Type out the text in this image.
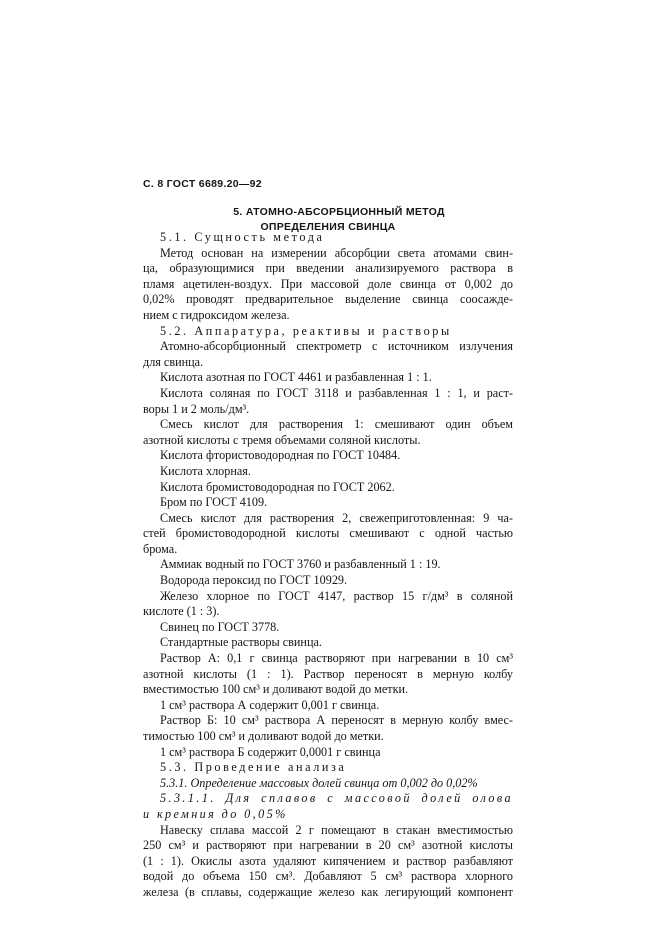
С. 8 ГОСТ 6689.20—92
5. АТОМНО-АБСОРБЦИОННЫЙ МЕТОД
ОПРЕДЕЛЕНИЯ СВИНЦА
5.1. Сущность метода
Метод основан на измерении абсорбции света атомами свин-
ца, образующимися при введении анализируемого раствора в
пламя ацетилен-воздух. При массовой доле свинца от 0,002 до
0,02% проводят предварительное выделение свинца соосажде-
нием с гидроксидом железа.
5.2. Аппаратура, реактивы и растворы
Атомно-абсорбционный спектрометр с источником излучения
для свинца.
Кислота азотная по ГОСТ 4461 и разбавленная 1 : 1.
Кислота соляная по ГОСТ 3118 и разбавленная 1 : 1, и раст-
воры 1 и 2 моль/дм³.
Смесь кислот для растворения 1: смешивают один объем
азотной кислоты с тремя объемами соляной кислоты.
Кислота фтористоводородная по ГОСТ 10484.
Кислота хлорная.
Кислота бромистоводородная по ГОСТ 2062.
Бром по ГОСТ 4109.
Смесь кислот для растворения 2, свежеприготовленная: 9 ча-
стей бромистоводородной кислоты смешивают с одной частью
брома.
Аммиак водный по ГОСТ 3760 и разбавленный 1 : 19.
Водорода пероксид по ГОСТ 10929.
Железо хлорное по ГОСТ 4147, раствор 15 г/дм³ в соляной
кислоте (1 : 3).
Свинец по ГОСТ 3778.
Стандартные растворы свинца.
Раствор А: 0,1 г свинца растворяют при нагревании в 10 см³
азотной кислоты (1 : 1). Раствор переносят в мерную колбу
вместимостью 100 см³ и доливают водой до метки.
1 см³ раствора А содержит 0,001 г свинца.
Раствор Б: 10 см³ раствора А переносят в мерную колбу вмес-
тимостью 100 см³ и доливают водой до метки.
1 см³ раствора Б содержит 0,0001 г свинца
5.3. Проведение анализа
5.3.1. Определение массовых долей свинца от 0,002 до 0,02%
5.3.1.1. Для сплавов с массовой долей олова
и кремния до 0,05%
Навеску сплава массой 2 г помещают в стакан вместимостью
250 см³ и растворяют при нагревании в 20 см³ азотной кислоты
(1 : 1). Окислы азота удаляют кипячением и раствор разбавляют
водой до объема 150 см³. Добавляют 5 см³ раствора хлорного
железа (в сплавы, содержащие железо как легирующий компонент
